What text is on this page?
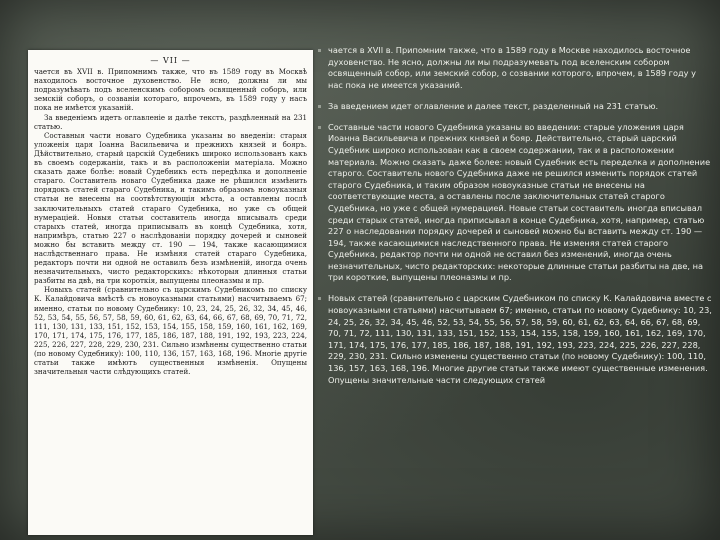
— VII —

чается въ XVII в. Припомнимъ также, что въ 1589 году въ Москвѣ находилось восточное духовенство. Не ясно, должны ли мы подразумѣвать подъ вселенскимъ соборомъ освященный соборъ, или земскій соборъ, о созваніи котораго, впрочемъ, въ 1589 году у насъ пока не имѣется указаній.

За введеніемъ идетъ оглавленіе и далѣе текстъ, раздѣленный на 231 статью.

Составныя части новаго Судебника указаны во введеніи: старыя уложенія царя Іоанна Васильевича и прежнихъ князей и бояръ. Дѣйствительно, старый царскій Судебникъ широко использованъ какъ въ своемъ содержаніи, такъ и въ расположеніи матеріала. Можно сказать даже болѣе: новый Судебникъ есть передѣлка и дополненіе стараго. Составитель новаго Судебника даже не рѣшился измѣнить порядокъ статей стараго Судебника, и такимъ образомъ новоуказныя статьи не внесены на соотвѣтствующія мѣста, а оставлены послѣ заключительныхъ статей стараго Судебника, но уже съ общей нумераціей. Новыя статьи составитель иногда вписывалъ среди старыхъ статей, иногда приписывалъ въ концѣ Судебника, хотя, напримѣръ, статью 227 о наслѣдованіи порядку дочерей и сыновей можно бы вставить между ст. 190 — 194, также касающимися наслѣдственнаго права. Не измѣняя статей стараго Судебника, редакторъ почти ни одной не оставилъ безъ измѣненій, иногда очень незначительныхъ, чисто редакторскихъ: нѣкоторыя длинныя статьи разбиты на двѣ, на три короткія, выпущены плеоназмы и пр.

Новыхъ статей (сравнительно съ царскимъ Судебникомъ по списку К. Калайдовича вмѣстѣ съ новоуказными статьями) насчитываемъ 67; именно, статьи по новому Судебнику: 10, 23, 24, 25, 26, 32, 34, 45, 46, 52, 53, 54, 55, 56, 57, 58, 59, 60, 61, 62, 63, 64, 66, 67, 68, 69, 70, 71, 72, 111, 130, 131, 133, 151, 152, 153, 154, 155, 158, 159, 160, 161, 162, 169, 170, 171, 174, 175, 176, 177, 185, 186, 187, 188, 191, 192, 193, 223, 224, 225, 226, 227, 228, 229, 230, 231. Сильно измѣнены существенно статьи (по новому Судебнику): 100, 110, 136, 157, 163, 168, 196. Многіе другіе статьи также имѣютъ существенныя измѣненія. Опущены значительныя части слѣдующихъ статей.

чается в XVII в. Припомним также, что в 1589 году в Москве находилось восточное духовенство. Не ясно, должны ли мы подразумевать под вселенским собором освященный собор, или земский собор, о созвании которого, впрочем, в 1589 году у нас пока не имеется указаний.

За введением идет оглавление и далее текст, разделенный на 231 статью.

Составные части нового Судебника указаны во введении: старые уложения царя Иоанна Васильевича и прежних князей и бояр. Действительно, старый царский Судебник широко использован как в своем содержании, так и в расположении материала. Можно сказать даже более: новый Судебник есть переделка и дополнение старого. Составитель нового Судебника даже не решился изменить порядок статей старого Судебника, и таким образом новоуказные статьи не внесены на соответствующие места, а оставлены после заключительных статей старого Судебника, но уже с общей нумерацией. Новые статьи составитель иногда вписывал среди старых статей, иногда приписывал в конце Судебника, хотя, например, статью 227 о наследовании порядку дочерей и сыновей можно бы вставить между ст. 190 —194, также касающимися наследственного права. Не изменяя статей старого Судебника, редактор почти ни одной не оставил без изменений, иногда очень незначительных, чисто редакторских: некоторые длинные статьи разбиты на две, на три короткие, выпущены плеоназмы и пр.

Новых статей (сравнительно с царским Судебником по списку К. Калайдовича вместе с новоуказными статьями) насчитываем 67; именно, статьи по новому Судебнику: 10, 23, 24, 25, 26, 32, 34, 45, 46, 52, 53, 54, 55, 56, 57, 58, 59, 60, 61, 62, 63, 64, 66, 67, 68, 69, 70, 71, 72, 111, 130, 131, 133, 151, 152, 153, 154, 155, 158, 159, 160, 161, 162, 169, 170, 171, 174, 175, 176, 177, 185, 186, 187, 188, 191, 192, 193, 223, 224, 225, 226, 227, 228, 229, 230, 231. Сильно изменены существенно статьи (по новому Судебнику): 100, 110, 136, 157, 163, 168, 196. Многие другие статьи также имеют существенные изменения. Опущены значительные части следующих статей
